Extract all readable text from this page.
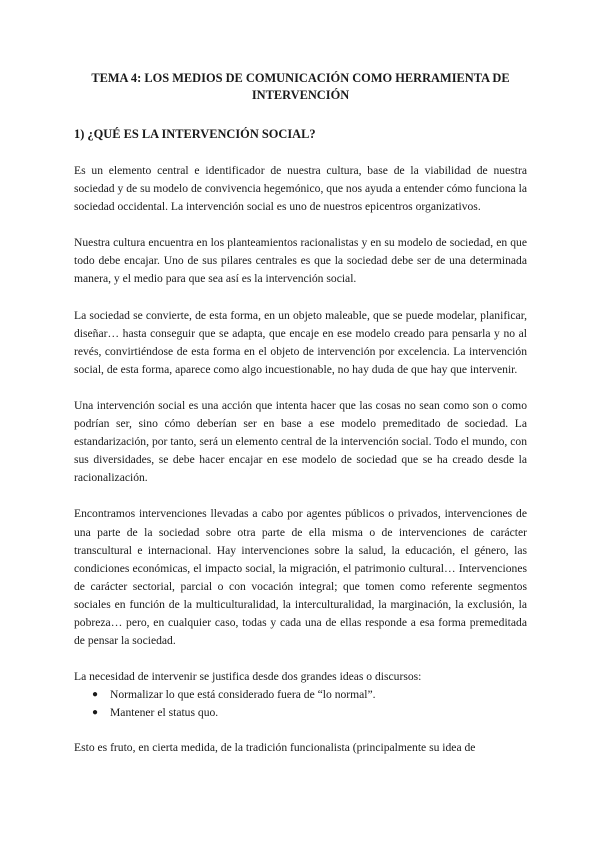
TEMA 4: LOS MEDIOS DE COMUNICACIÓN COMO HERRAMIENTA DE INTERVENCIÓN
1) ¿QUÉ ES LA INTERVENCIÓN SOCIAL?

Es un elemento central e identificador de nuestra cultura, base de la viabilidad de nuestra sociedad y de su modelo de convivencia hegemónico, que nos ayuda a entender cómo funciona la sociedad occidental. La intervención social es uno de nuestros epicentros organizativos.

Nuestra cultura encuentra en los planteamientos racionalistas y en su modelo de sociedad, en que todo debe encajar. Uno de sus pilares centrales es que la sociedad debe ser de una determinada manera, y el medio para que sea así es la intervención social.

La sociedad se convierte, de esta forma, en un objeto maleable, que se puede modelar, planificar, diseñar… hasta conseguir que se adapta, que encaje en ese modelo creado para pensarla y no al revés, convirtiéndose de esta forma en el objeto de intervención por excelencia. La intervención social, de esta forma, aparece como algo incuestionable, no hay duda de que hay que intervenir.

Una intervención social es una acción que intenta hacer que las cosas no sean como son o como podrían ser, sino cómo deberían ser en base a ese modelo premeditado de sociedad. La estandarización, por tanto, será un elemento central de la intervención social. Todo el mundo, con sus diversidades, se debe hacer encajar en ese modelo de sociedad que se ha creado desde la racionalización.

Encontramos intervenciones llevadas a cabo por agentes públicos o privados, intervenciones de una parte de la sociedad sobre otra parte de ella misma o de intervenciones de carácter transcultural e internacional. Hay intervenciones sobre la salud, la educación, el género, las condiciones económicas, el impacto social, la migración, el patrimonio cultural… Intervenciones de carácter sectorial, parcial o con vocación integral; que tomen como referente segmentos sociales en función de la multiculturalidad, la interculturalidad, la marginación, la exclusión, la pobreza… pero, en cualquier caso, todas y cada una de ellas responde a esa forma premeditada de pensar la sociedad.

La necesidad de intervenir se justifica desde dos grandes ideas o discursos:

● Normalizar lo que está considerado fuera de “lo normal”.
● Mantener el status quo.

Esto es fruto, en cierta medida, de la tradición funcionalista (principalmente su idea de
